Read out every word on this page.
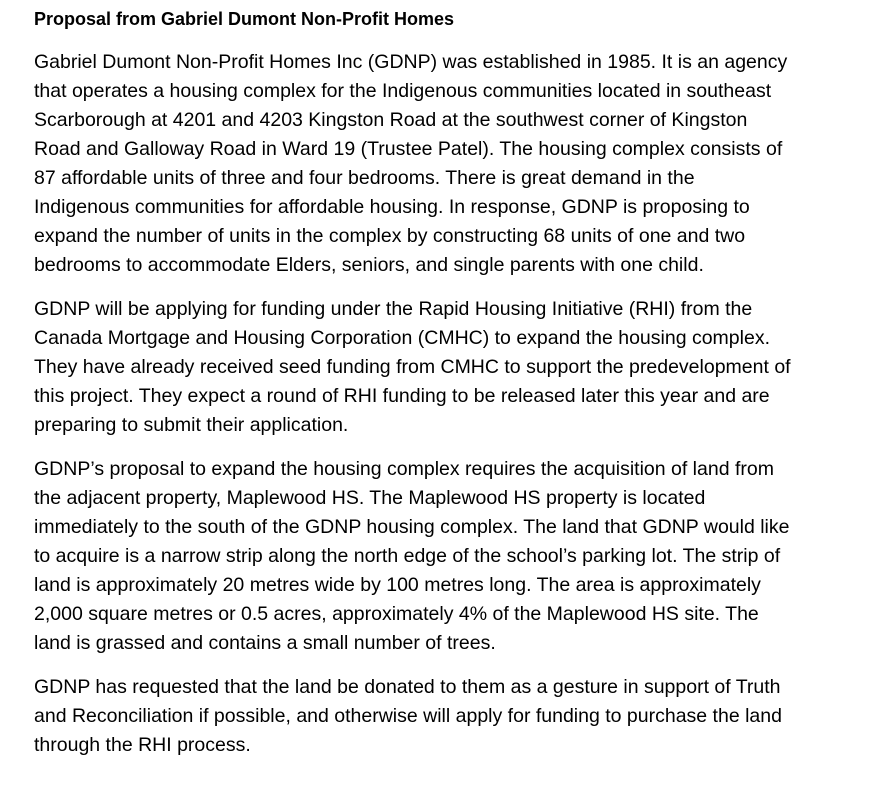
Proposal from Gabriel Dumont Non-Profit Homes
Gabriel Dumont Non-Profit Homes Inc (GDNP) was established in 1985. It is an agency
that operates a housing complex for the Indigenous communities located in southeast
Scarborough at 4201 and 4203 Kingston Road at the southwest corner of Kingston
Road and Galloway Road in Ward 19 (Trustee Patel). The housing complex consists of
87 affordable units of three and four bedrooms. There is great demand in the
Indigenous communities for affordable housing. In response, GDNP is proposing to
expand the number of units in the complex by constructing 68 units of one and two
bedrooms to accommodate Elders, seniors, and single parents with one child.
GDNP will be applying for funding under the Rapid Housing Initiative (RHI) from the
Canada Mortgage and Housing Corporation (CMHC) to expand the housing complex.
They have already received seed funding from CMHC to support the predevelopment of
this project. They expect a round of RHI funding to be released later this year and are
preparing to submit their application.
GDNP’s proposal to expand the housing complex requires the acquisition of land from
the adjacent property, Maplewood HS. The Maplewood HS property is located
immediately to the south of the GDNP housing complex. The land that GDNP would like
to acquire is a narrow strip along the north edge of the school’s parking lot. The strip of
land is approximately 20 metres wide by 100 metres long. The area is approximately
2,000 square metres or 0.5 acres, approximately 4% of the Maplewood HS site. The
land is grassed and contains a small number of trees.
GDNP has requested that the land be donated to them as a gesture in support of Truth
and Reconciliation if possible, and otherwise will apply for funding to purchase the land
through the RHI process.
